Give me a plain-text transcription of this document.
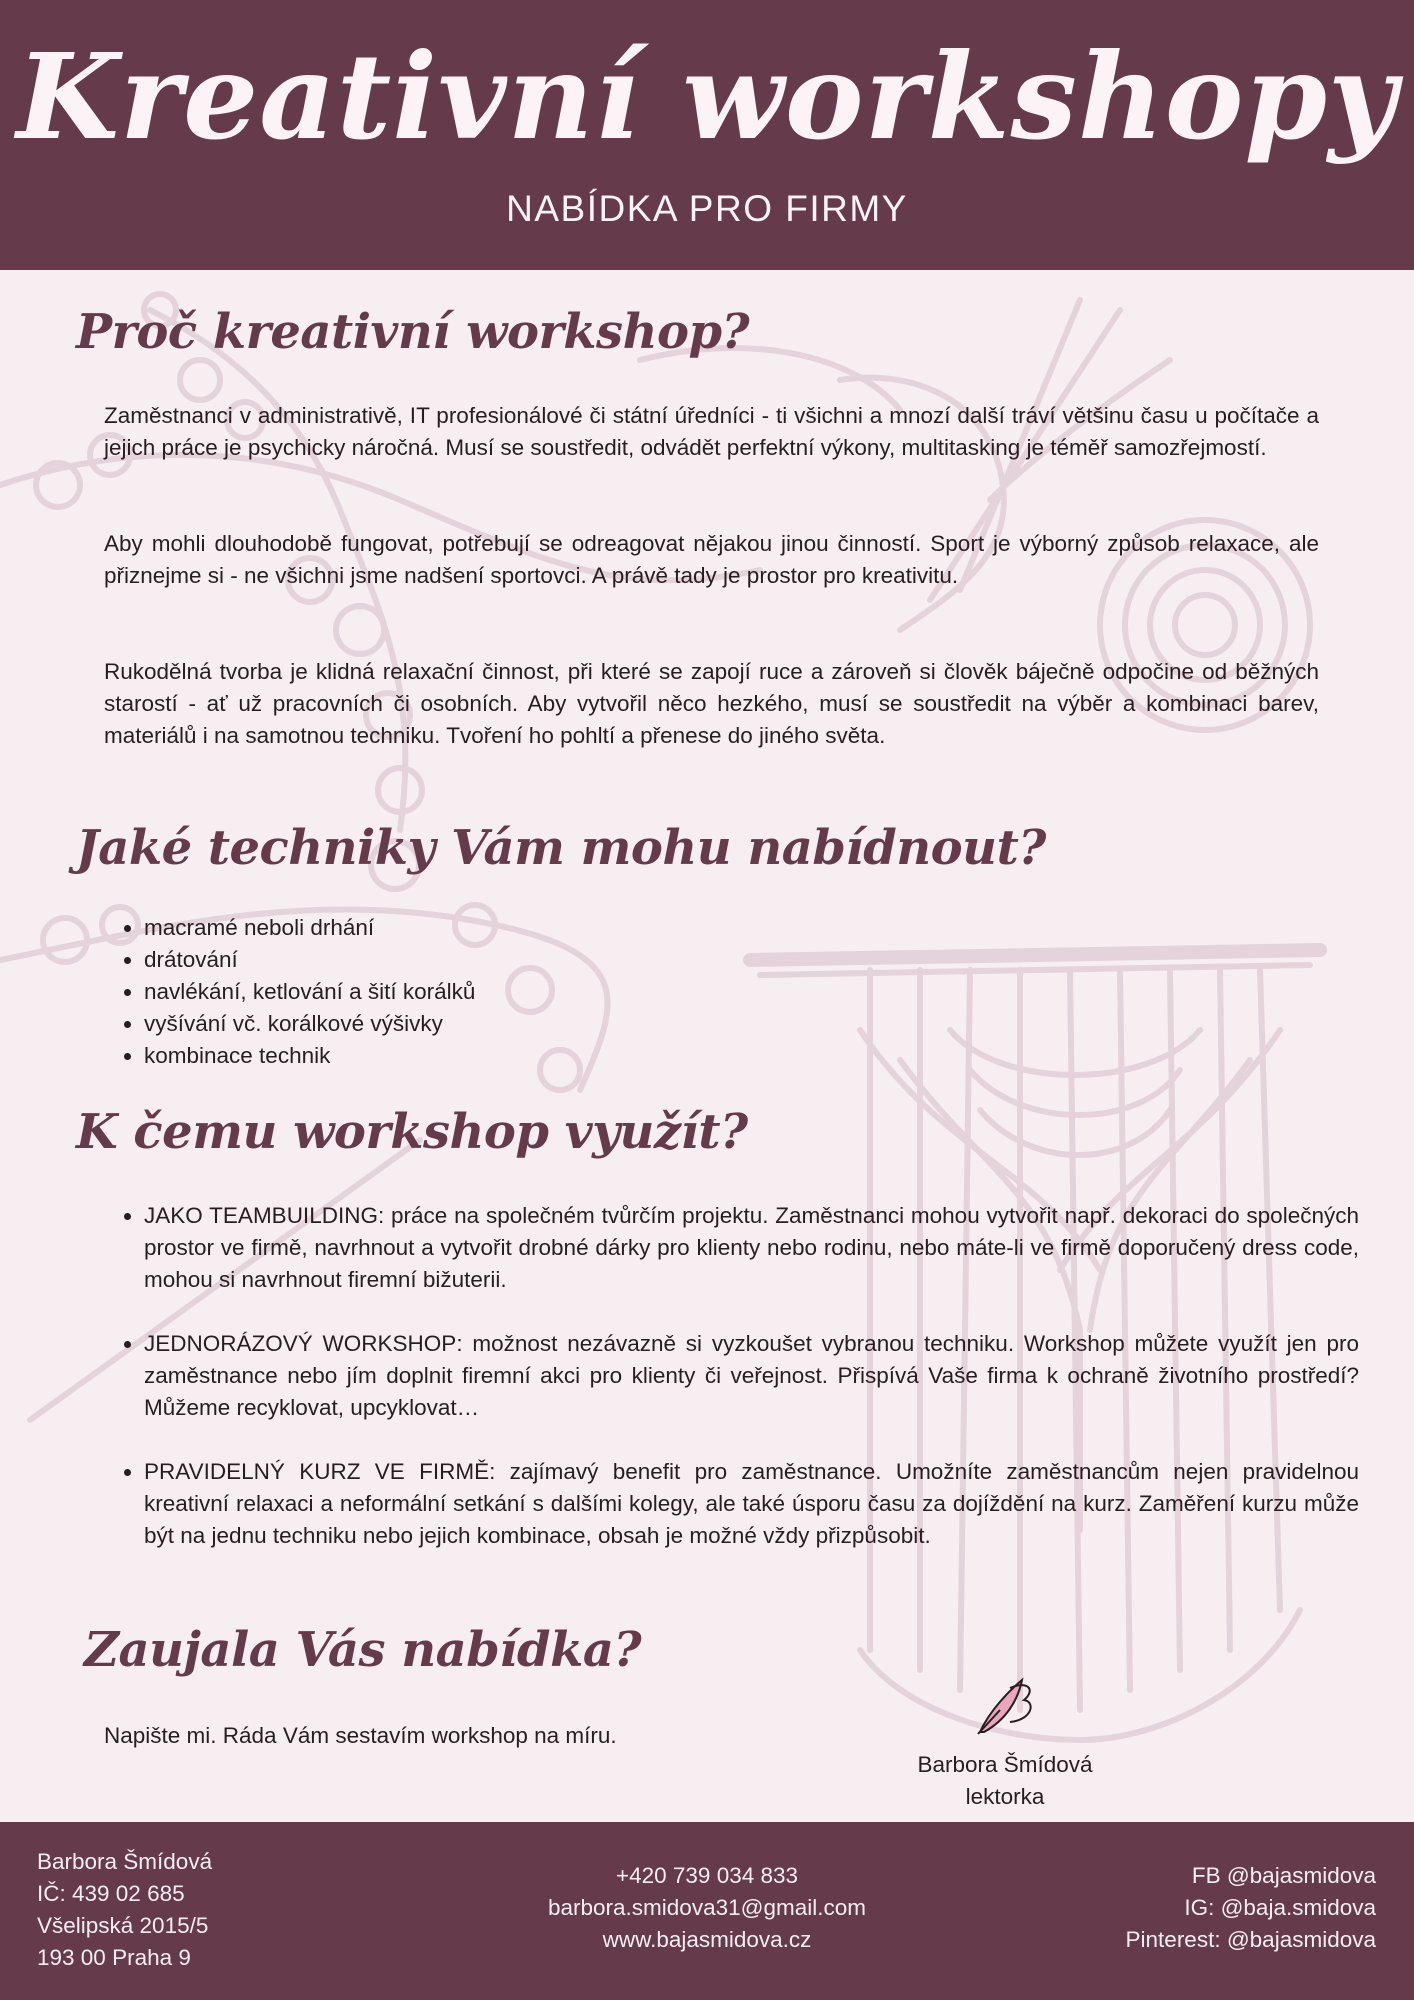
Kreativní workshopy
NABÍDKA PRO FIRMY
Proč kreativní workshop?

Zaměstnanci v administrativě, IT profesionálové či státní úředníci - ti všichni a mnozí další tráví většinu času u počítače a jejich práce je psychicky náročná. Musí se soustředit, odvádět perfektní výkony, multitasking je téměř samozřejmostí.

Aby mohli dlouhodobě fungovat, potřebují se odreagovat nějakou jinou činností. Sport je výborný způsob relaxace, ale přiznejme si - ne všichni jsme nadšení sportovci. A právě tady je prostor pro kreativitu.

Rukodělná tvorba je klidná relaxační činnost, při které se zapojí ruce a zároveň si člověk báječně odpočine od běžných starostí - ať už pracovních či osobních. Aby vytvořil něco hezkého, musí se soustředit na výběr a kombinaci barev, materiálů i na samotnou techniku. Tvoření ho pohltí a přenese do jiného světa.

Jaké techniky Vám mohu nabídnout?
• macramé neboli drhání
• drátování
• navlékání, ketlování a šití korálků
• vyšívání vč. korálkové výšivky
• kombinace technik
K čemu workshop využít?
• JAKO TEAMBUILDING: práce na společném tvůrčím projektu. Zaměstnanci mohou vytvořit např. dekoraci do společných prostor ve firmě, navrhnout a vytvořit drobné dárky pro klienty nebo rodinu, nebo máte-li ve firmě doporučený dress code, mohou si navrhnout firemní bižuterii.
• JEDNORÁZOVÝ WORKSHOP: možnost nezávazně si vyzkoušet vybranou techniku. Workshop můžete využít jen pro zaměstnance nebo jím doplnit firemní akci pro klienty či veřejnost. Přispívá Vaše firma k ochraně životního prostředí? Můžeme recyklovat, upcyklovat…
• PRAVIDELNÝ KURZ VE FIRMĚ: zajímavý benefit pro zaměstnance. Umožníte zaměstnancům nejen pravidelnou kreativní relaxaci a neformální setkání s dalšími kolegy, ale také úsporu času za dojíždění na kurz. Zaměření kurzu může být na jednu techniku nebo jejich kombinace, obsah je možné vždy přizpůsobit.
Zaujala Vás nabídka?
Napište mi. Ráda Vám sestavím workshop na míru.
Barbora Šmídová
lektorka
Barbora Šmídová
IČ: 439 02 685
Všelipská 2015/5
193 00 Praha 9
+420 739 034 833
barbora.smidova31@gmail.com
www.bajasmidova.cz
FB @bajasmidova
IG: @baja.smidova
Pinterest: @bajasmidova
